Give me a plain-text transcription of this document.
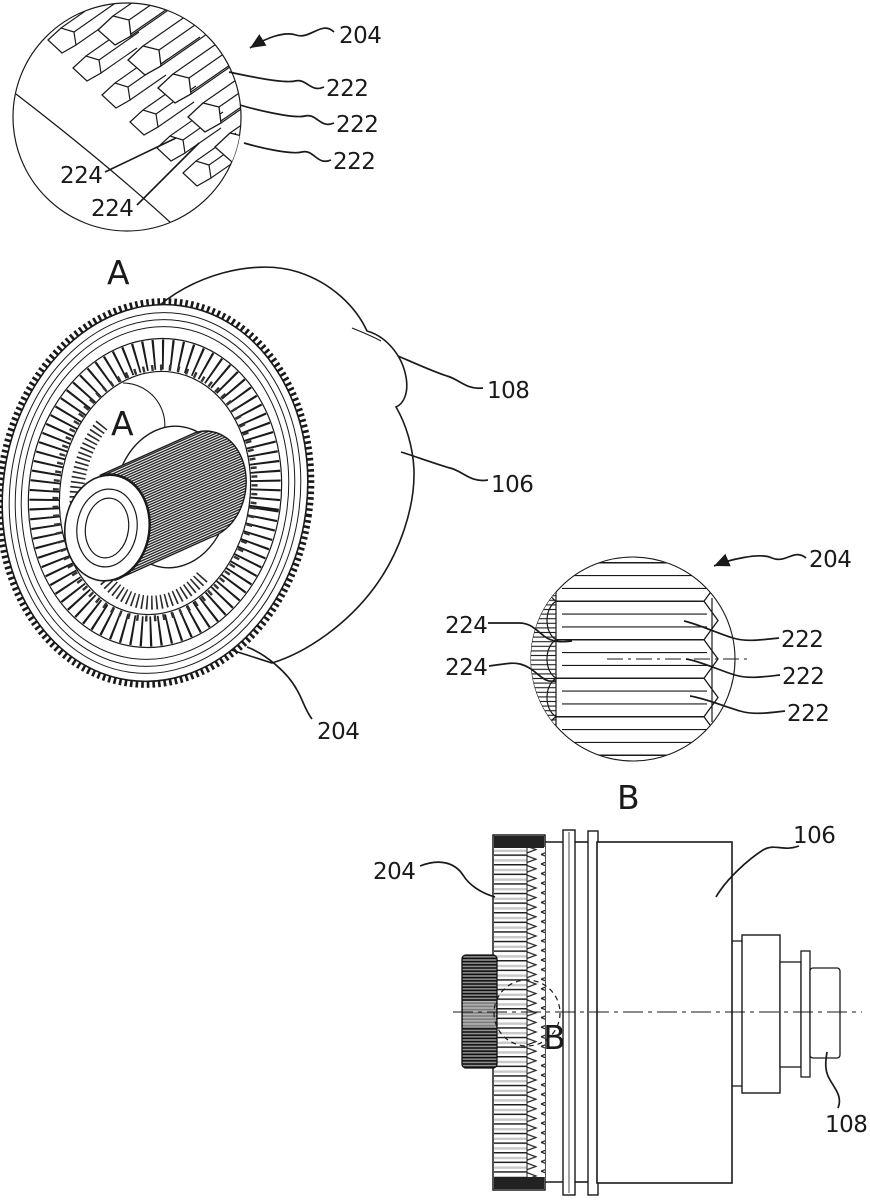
204
222
222
222
224
224
A
A
108
106
204
204
222
222
222
224
224
B
B
204
106
108
